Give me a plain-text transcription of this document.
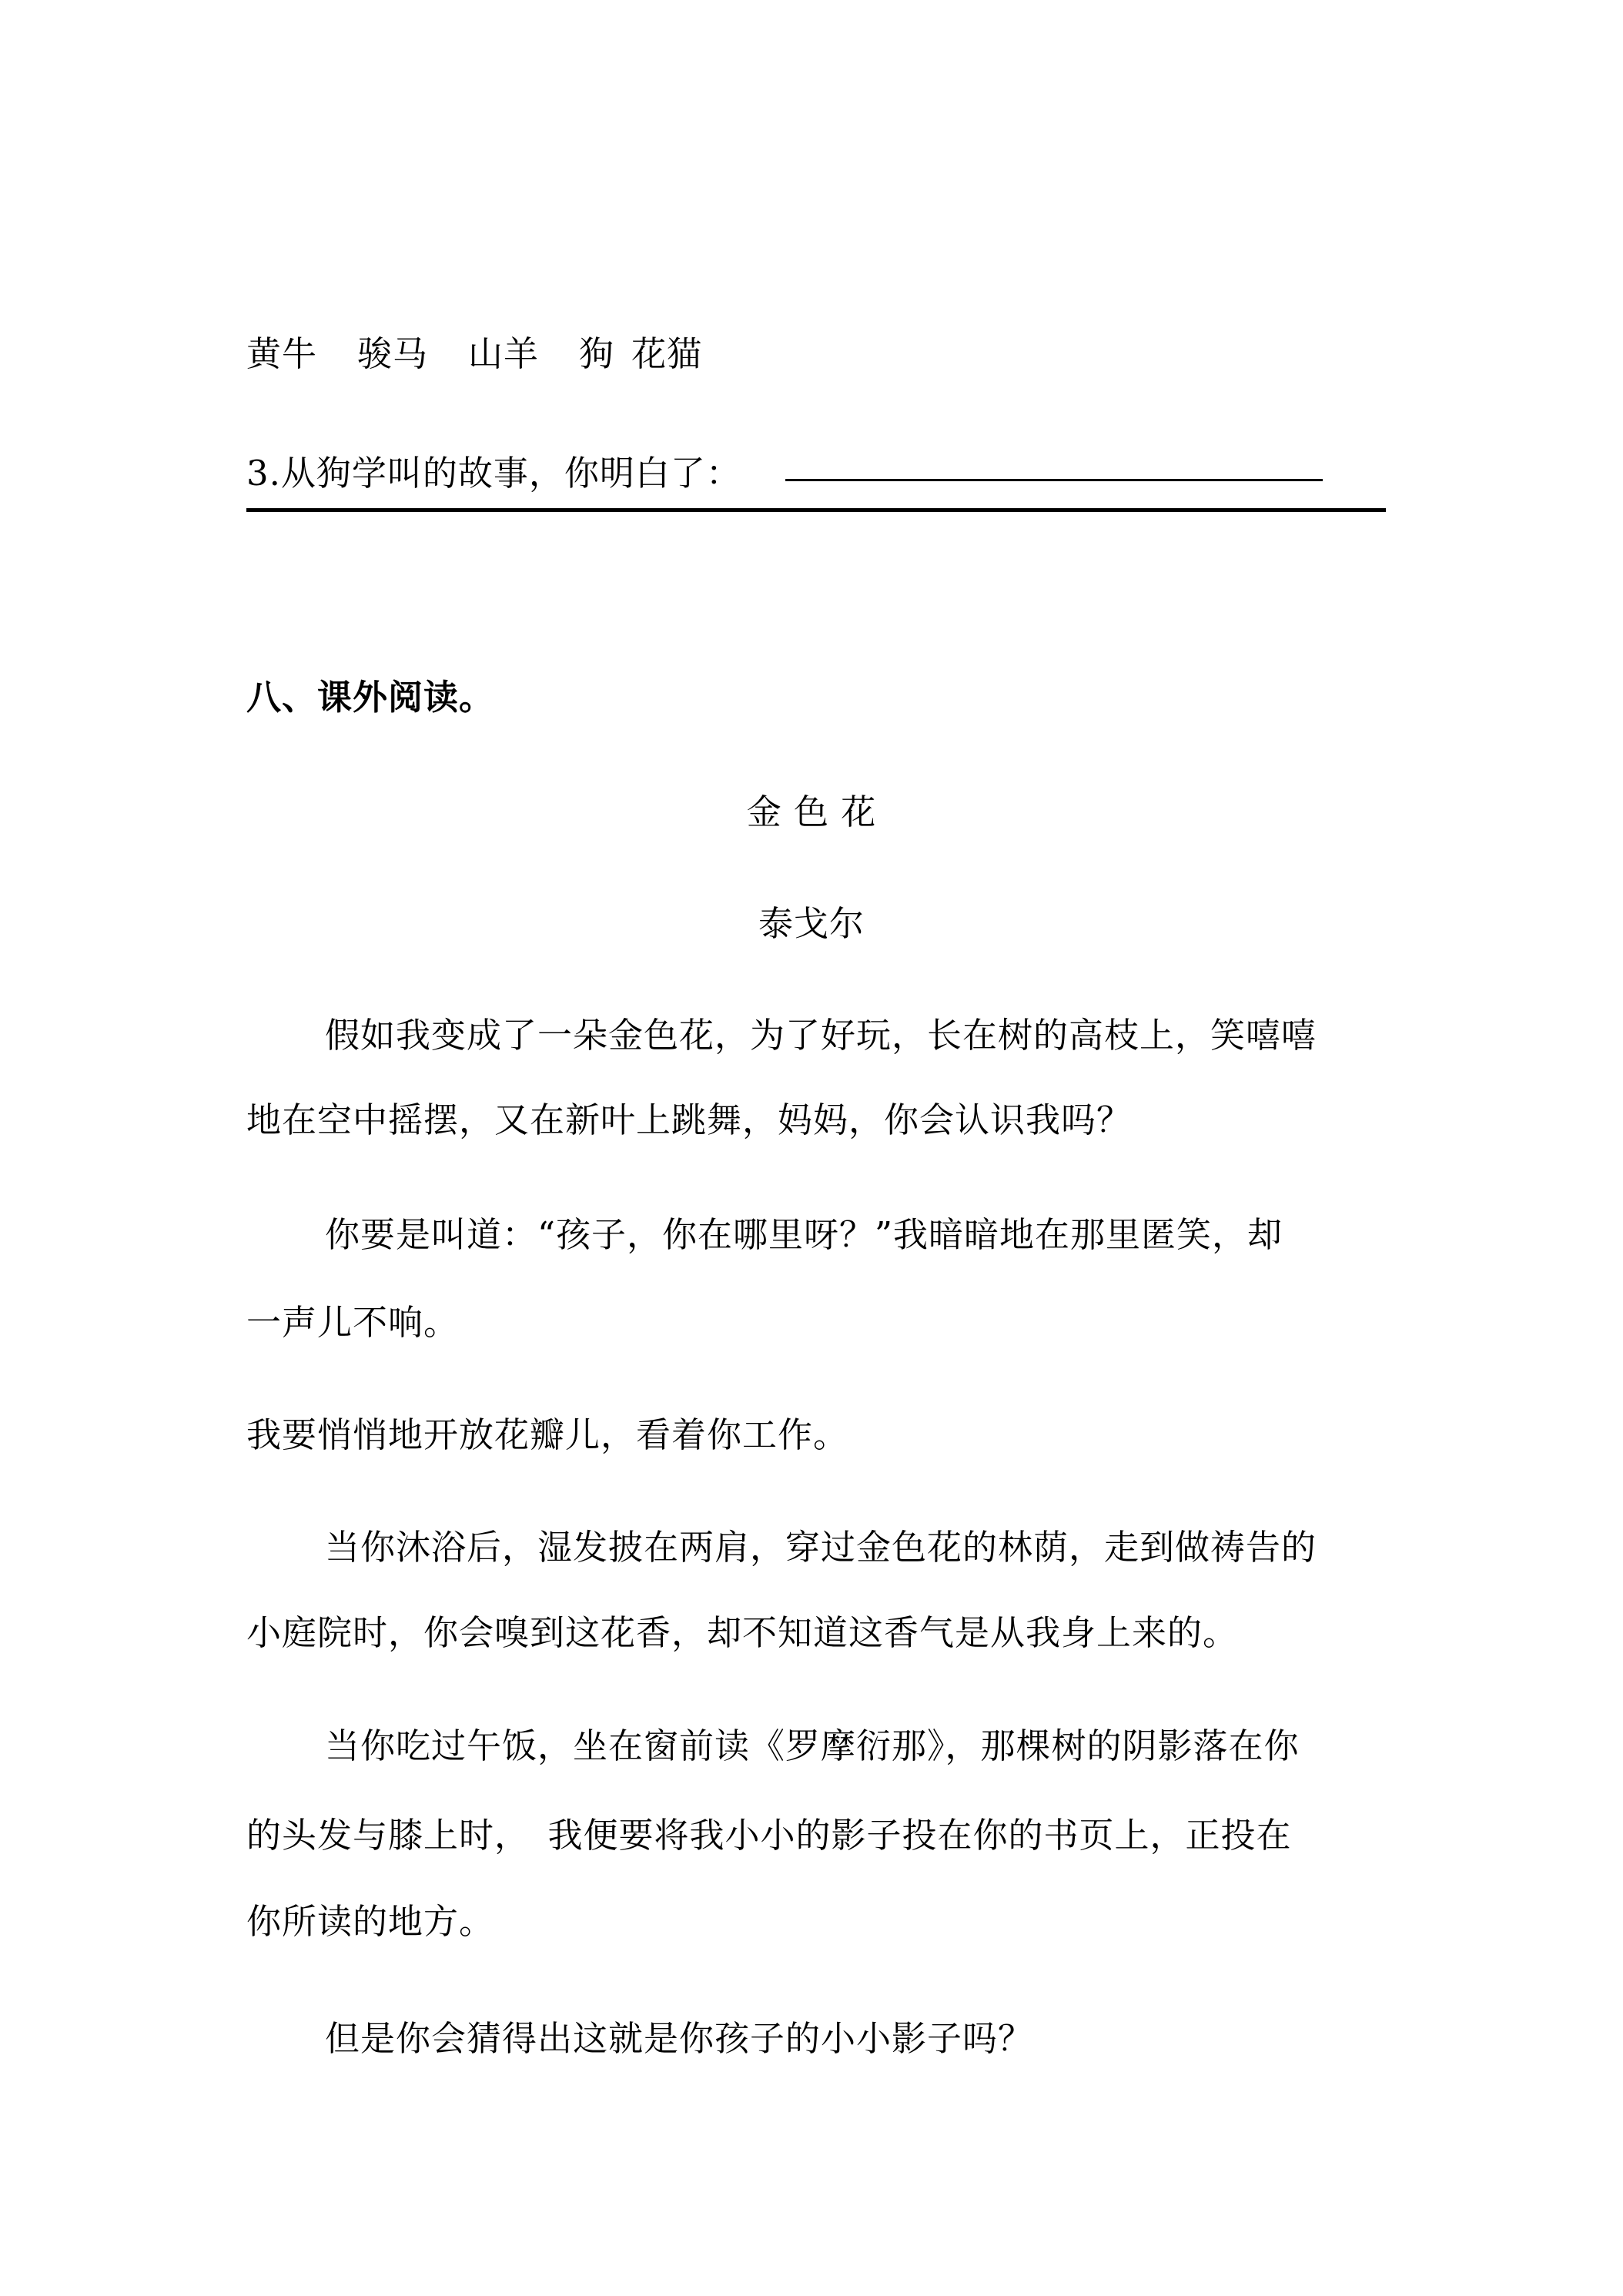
黄牛 骏马 山羊 狗 花猫
3.从狗学叫的故事，你明白了：
八、课外阅读。
金 色 花
泰戈尔
假如我变成了一朵金色花，为了好玩，长在树的高枝上，笑嘻嘻
地在空中摇摆，又在新叶上跳舞，妈妈，你会认识我吗？
你要是叫道：“孩子，你在哪里呀？”我暗暗地在那里匿笑，却
一声儿不响。
我要悄悄地开放花瓣儿，看着你工作。
当你沐浴后，湿发披在两肩，穿过金色花的林荫，走到做祷告的
小庭院时，你会嗅到这花香，却不知道这香气是从我身上来的。
当你吃过午饭，坐在窗前读《罗摩衍那》，那棵树的阴影落在你
的头发与膝上时，　我便要将我小小的影子投在你的书页上，正投在
你所读的地方。
但是你会猜得出这就是你孩子的小小影子吗？
